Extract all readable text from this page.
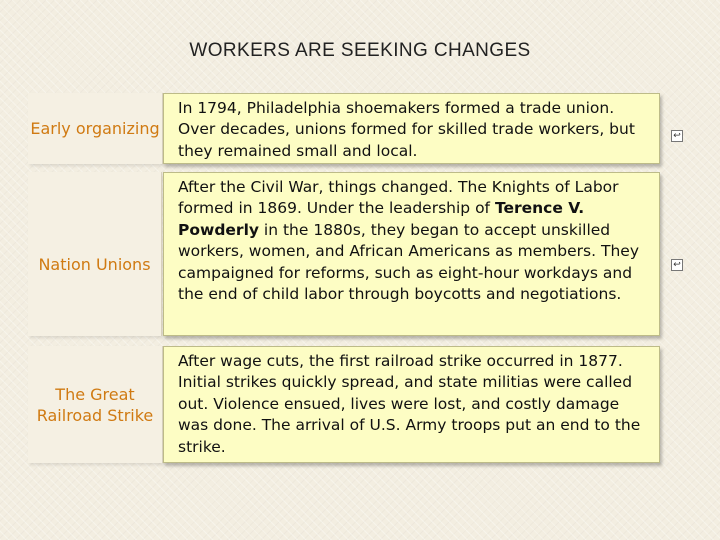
WORKERS ARE SEEKING CHANGES
Early organizing
In 1794, Philadelphia shoemakers formed a trade union. Over decades, unions formed for skilled trade workers, but they remained small and local.
↩
Nation Unions
After the Civil War, things changed. The Knights of Labor formed in 1869. Under the leadership of Terence V. Powderly in the 1880s, they began to accept unskilled workers, women, and African Americans as members. They campaigned for reforms, such as eight-hour workdays and the end of child labor through boycotts and negotiations.
↩
The Great Railroad Strike
After wage cuts, the first railroad strike occurred in 1877. Initial strikes quickly spread, and state militias were called out. Violence ensued, lives were lost, and costly damage was done. The arrival of U.S. Army troops put an end to the strike.
